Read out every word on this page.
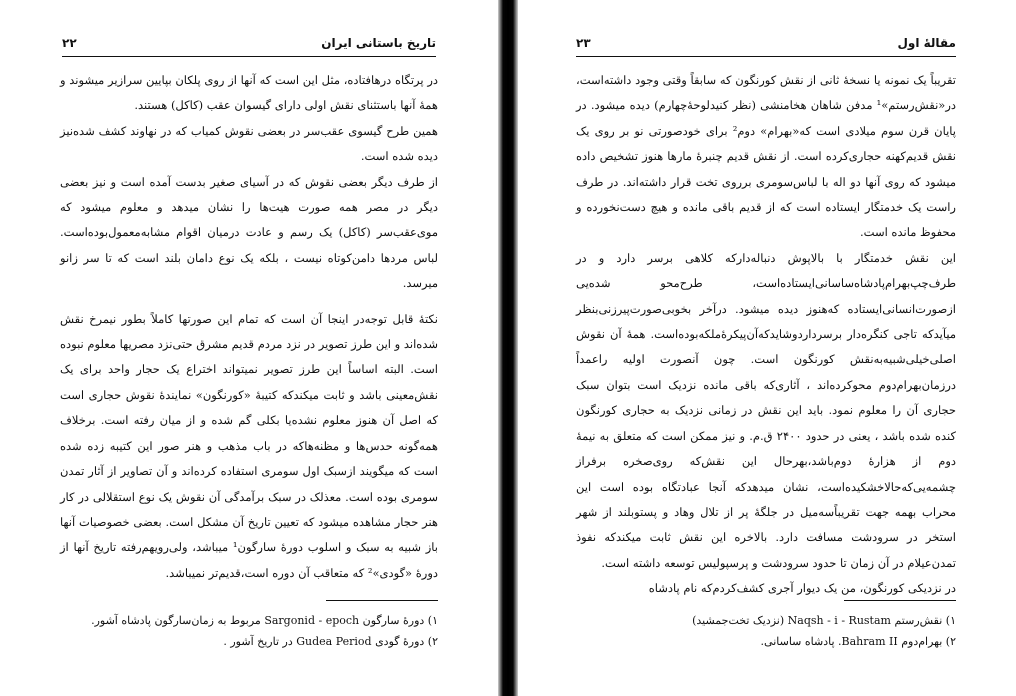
تاریخ باستانی ایران
۲۲

در پرتگاه درهافتاده، مثل این است که آنها از روی پلکان بپایین سرازیر میشوند و همهٔ آنها باستثنای نقش اولی دارای گیسوان عقب (کاکل) هستند.

همین طرح گیسوی عقب‌سر در بعضی نقوش کمیاب که در نهاوند کشف شده‌نیز دیده شده است.

از طرف دیگر بعضی نقوش که در آسیای صغیر بدست آمده است و نیز بعضی دیگر در مصر همه صورت هیت‌ها را نشان میدهد و معلوم میشود که موی‌عقب‌سر (کاکل) یک رسم و عادت درمیان اقوام مشابه‌معمول‌بوده‌است. لباس مردها دامن‌کوتاه نیست ، بلکه یک نوع دامان بلند است که تا سر زانو میرسد.

نکتهٔ قابل توجه‌در اینجا آن است که تمام این صورتها کاملاً بطور نیمرخ نقش شده‌اند و این طرز تصویر در نزد مردم قدیم مشرق حتی‌نزد مصریها معلوم نبوده است. البته اساساً این طرز تصویر نمیتواند اختراع یک حجار واحد برای یک نقش‌معینی باشد و ثابت میکندکه کتیبهٔ «کورنگون» نماینده‌ٔ نقوش حجاری است که اصل آن هنوز معلوم نشده‌یا بکلی گم شده و از میان رفته است. برخلاف همه‌گونه حدس‌ها و مظنه‌هاکه در باب مذهب و هنر صور این کتیبه زده شده است که میگویند ازسبک اول سومری استفاده کرده‌اند و آن تصاویر از آثار تمدن سومری بوده است. معذلک در سبک برآمدگی آن نقوش یک نوع استقلالی در کار هنر حجار مشاهده میشود که تعیین تاریخ آن مشکل است. بعضی خصوصیات آنها باز شبیه به سبک و اسلوب دورهٔ سارگون¹ میباشد، ولی‌رویهم‌رفته تاریخ آنها از دورهٔ «گودی»² که متعاقب آن دوره است،قدیم‌تر نمیباشد.

۱) دورهٔ سارگون Sargonid - epoch مربوط به زمان‌سارگون پادشاه آشور.
۲) دورهٔ گودی Gudea Period در تاریخ آشور .
مقالهٔ اول
۲۳

تقریباً یک نمونه یا نسخهٔ ثانی از نقش کورنگون که سابقاً وقتی وجود داشته‌است، در«نقش‌رستم»¹ مدفن شاهان هخامنشی (نظر کنیدلوحهٔ‌چهارم) دیده میشود. در پایان قرن سوم میلادی است که«بهرام» دوم² برای خودصورتی نو بر روی یک نقش قدیم‌کهنه حجاری‌کرده است. از نقش قدیم چنبرهٔ مارها هنوز تشخیص داده میشود که روی آنها دو اله با لباس‌سومری برروی تخت قرار داشته‌اند. در طرف راست یک خدمتگار ایستاده است که از قدیم باقی مانده و هیچ دست‌نخورده و محفوظ مانده است.

این نقش خدمتگار با بالاپوش دنباله‌دارکه کلاهی برسر دارد و در طرف‌چپ‌بهرام‌پادشاه‌ساسانی‌ایستاده‌است، طرح‌محو شده‌یی ازصورت‌انسانی‌ایستاده که‌هنوز دیده میشود. درآخر بخوبی‌صورت‌پیرزنی‌بنظر میآید‌که تاجی کنگره‌دار برسر‌دارد‌و‌شاید‌که‌آن‌پیکرهٔ‌ملکه‌بوده‌است. همهٔ آن نقوش اصلی‌خیلی‌شبیه‌به‌نقش کورنگون است. چون آنصورت اولیه راعمداً درزمان‌بهرام‌دوم محوکرده‌اند ، آثاری‌که باقی مانده نزدیک است بتوان سبک حجاری آن را معلوم نمود. باید این نقش در زمانی نزدیک به حجاری کورنگون کنده شده باشد ، یعنی در حدود ۲۴۰۰ ق.م. و نیز ممکن است که متعلق به نیمهٔ دوم از هزارهٔ دوم‌باشد،بهرحال این نقش‌که روی‌صخره برفراز چشمه‌یی‌که‌حالا‌خشکیده‌است، نشان میدهدکه آنجا عبادتگاه بوده است این محراب بهمه جهت تقریباًسه‌میل در جلگهٔ پر از تلال وهاد و پستوبلند از شهر استخر در سرودشت مسافت دارد. بالاخره این نقش ثابت میکندکه نفوذ تمدن‌عیلام در آن زمان تا حدود سرودشت و پرسپولیس توسعه داشته است.

در نزدیکی کورنگون، من یک دیوار آجری کشف‌کردم‌که نام پادشاه

۱) نقش‌رستم Naqsh - i - Rustam (نزدیک تخت‌جمشید)
۲) بهرام‌دوم Bahram II. پادشاه ساسانی.
